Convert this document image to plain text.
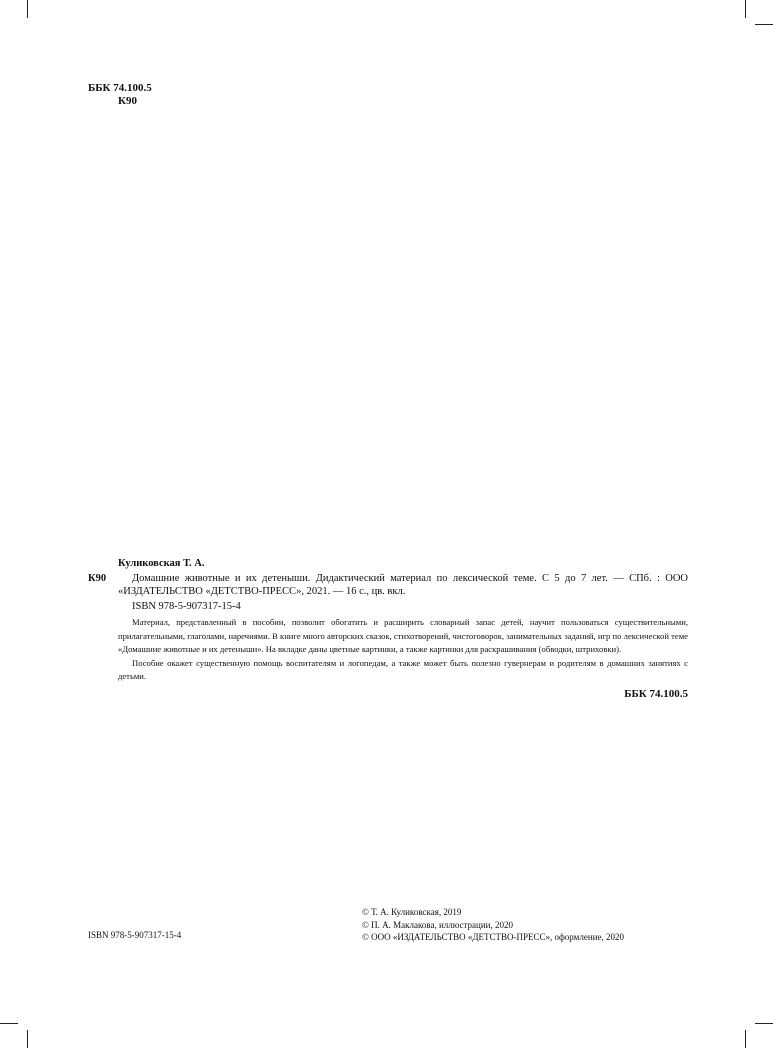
ББК 74.100.5
К90
Куликовская Т. А.
К90	Домашние животные и их детеныши. Дидактический материал по лексической теме. С 5 до 7 лет. — СПб. : ООО «ИЗДАТЕЛЬСТВО «ДЕТСТВО-ПРЕСС», 2021. — 16 с., цв. вкл.
ISBN 978-5-907317-15-4

Материал, представленный в пособии, позволит обогатить и расширить словарный запас детей, научит пользоваться существительными, прилагательными, глаголами, наречиями. В книге много авторских сказок, стихотворений, чистоговорок, занимательных заданий, игр по лексической теме «Домашние животные и их детеныши». На вкладке даны цветные картинки, а также картинки для раскрашивания (обводки, штриховки).

Пособие окажет существенную помощь воспитателям и логопедам, а также может быть полезно гувернерам и родителям в домашних занятиях с детьми.

ББК 74.100.5
ISBN 978-5-907317-15-4
© Т. А. Куликовская, 2019
© П. А. Маклакова, иллюстрации, 2020
© ООО «ИЗДАТЕЛЬСТВО «ДЕТСТВО-ПРЕСС», оформление, 2020
